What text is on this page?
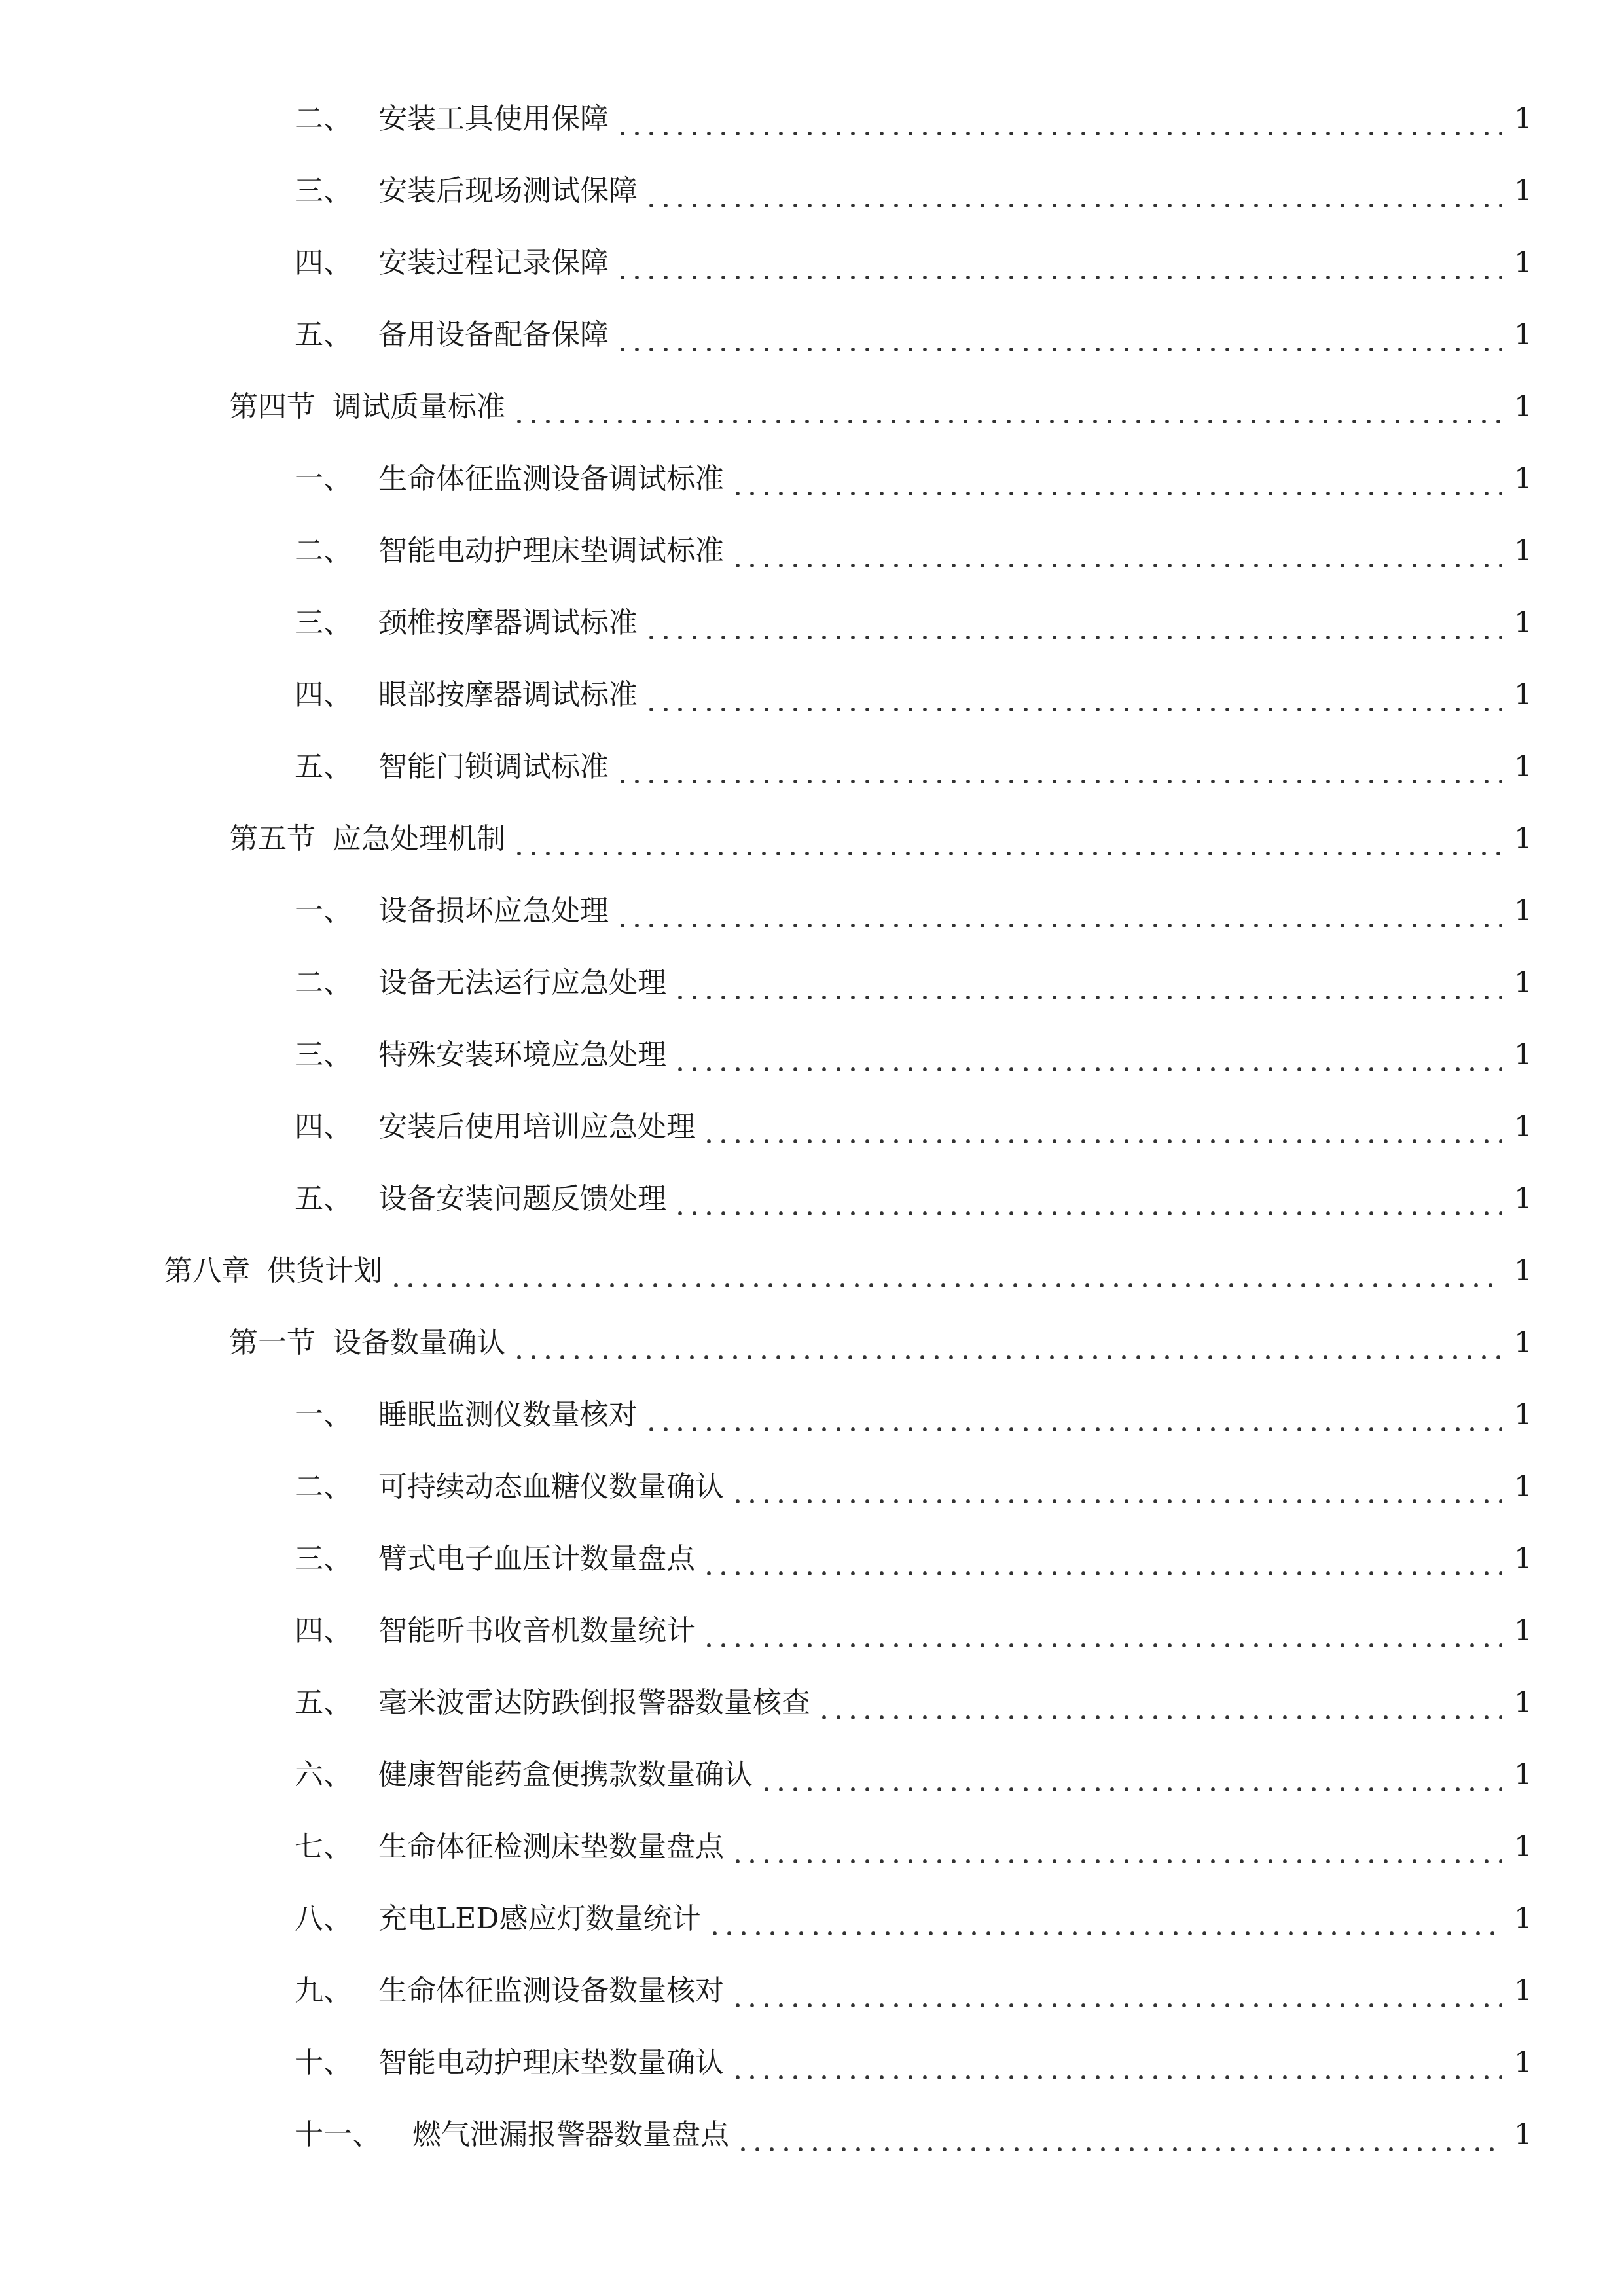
二、 安装工具使用保障	1
三、 安装后现场测试保障	1
四、 安装过程记录保障	1
五、 备用设备配备保障	1
第四节 调试质量标准	1
一、 生命体征监测设备调试标准	1
二、 智能电动护理床垫调试标准	1
三、 颈椎按摩器调试标准	1
四、 眼部按摩器调试标准	1
五、 智能门锁调试标准	1
第五节 应急处理机制	1
一、 设备损坏应急处理	1
二、 设备无法运行应急处理	1
三、 特殊安装环境应急处理	1
四、 安装后使用培训应急处理	1
五、 设备安装问题反馈处理	1
第八章 供货计划	1
第一节 设备数量确认	1
一、 睡眠监测仪数量核对	1
二、 可持续动态血糖仪数量确认	1
三、 臂式电子血压计数量盘点	1
四、 智能听书收音机数量统计	1
五、 毫米波雷达防跌倒报警器数量核查	1
六、 健康智能药盒便携款数量确认	1
七、 生命体征检测床垫数量盘点	1
八、 充电LED感应灯数量统计	1
九、 生命体征监测设备数量核对	1
十、 智能电动护理床垫数量确认	1
十一、	燃气泄漏报警器数量盘点	1
